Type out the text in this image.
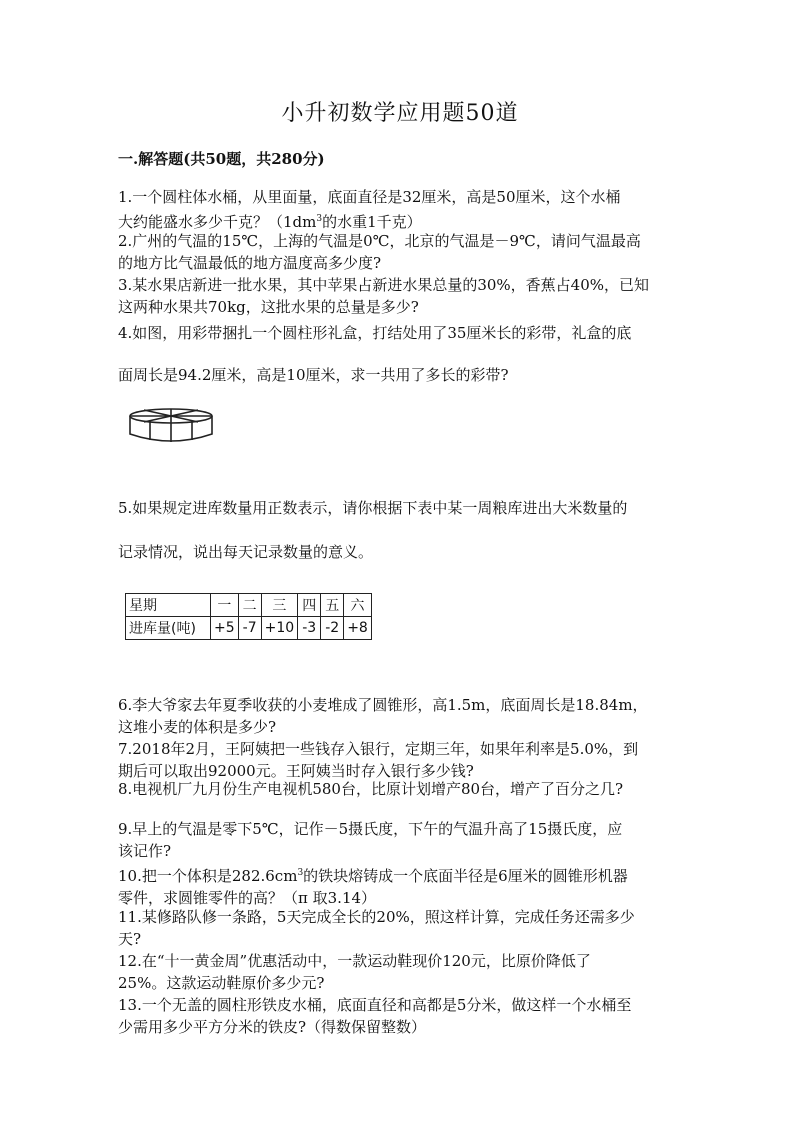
小升初数学应用题50道
一.解答题(共50题，共280分)
1.一个圆柱体水桶，从里面量，底面直径是32厘米，高是50厘米，这个水桶
大约能盛水多少千克？（$1dm^3$的水重1千克）
2.广州的气温的15℃，上海的气温是0℃，北京的气温是－9℃，请问气温最高
的地方比气温最低的地方温度高多少度?
3.某水果店新进一批水果，其中苹果占新进水果总量的30%，香蕉占40%，已知
这两种水果共70kg，这批水果的总量是多少?
4.如图，用彩带捆扎一个圆柱形礼盒，打结处用了35厘米长的彩带，礼盒的底
面周长是94.2厘米，高是10厘米，求一共用了多长的彩带?
5.如果规定进库数量用正数表示，请你根据下表中某一周粮库进出大米数量的
记录情况，说出每天记录数量的意义。
星期	一	二	三	四	五	六
进库量(吨)	+5	-7	+10	-3	-2	+8
6.李大爷家去年夏季收获的小麦堆成了圆锥形，高1.5m，底面周长是18.84m，
这堆小麦的体积是多少?
7.2018年2月，王阿姨把一些钱存入银行，定期三年，如果年利率是5.0%，到
期后可以取出92000元。王阿姨当时存入银行多少钱?
8.电视机厂九月份生产电视机580台，比原计划增产80台，增产了百分之几?
9.早上的气温是零下5℃，记作－5摄氏度，下午的气温升高了15摄氏度，应
该记作?
10.把一个体积是$282.6cm^3$的铁块熔铸成一个底面半径是6厘米的圆锥形机器
零件，求圆锥零件的高？（π 取3.14）
11.某修路队修一条路，5天完成全长的20%，照这样计算，完成任务还需多少
天?
12.在“十一黄金周”优惠活动中，一款运动鞋现价120元，比原价降低了
25%。这款运动鞋原价多少元?
13.一个无盖的圆柱形铁皮水桶，底面直径和高都是5分米，做这样一个水桶至
少需用多少平方分米的铁皮?（得数保留整数）
